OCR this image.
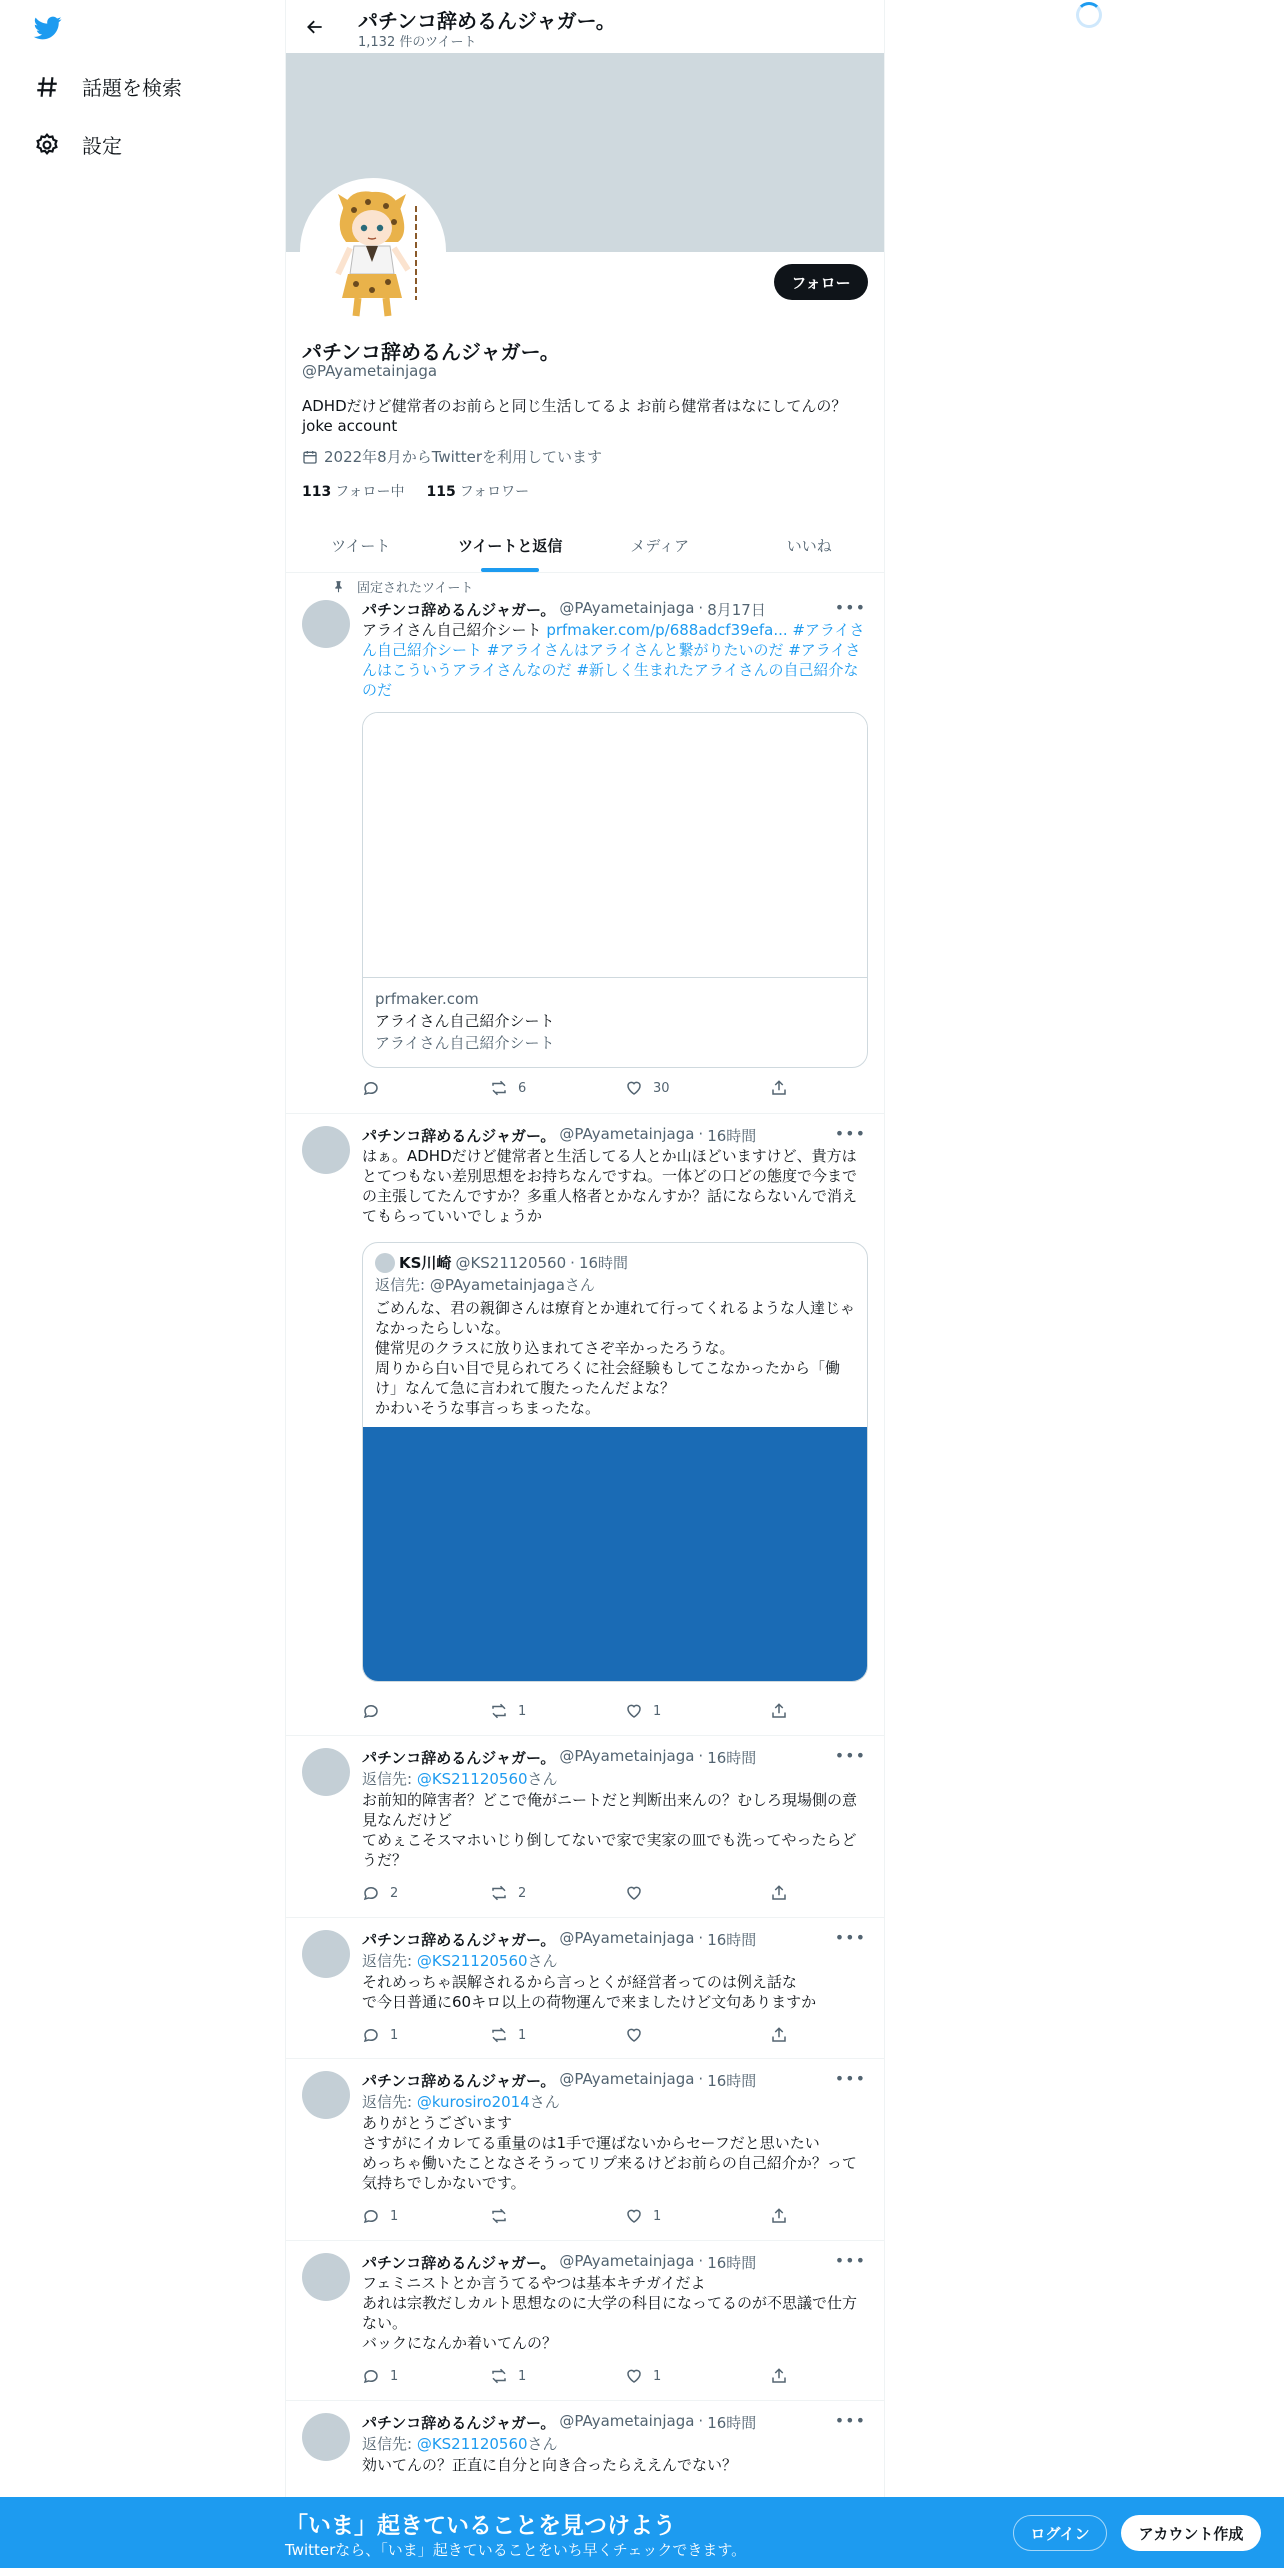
話題を検索
設定
パチンコ辞めるんジャガー。
1,132 件のツイート
フォロー
パチンコ辞めるんジャガー。
@PAyametainjaga
ADHDだけど健常者のお前らと同じ生活してるよ お前ら健常者はなにしてんの？
joke account
2022年8月からTwitterを利用しています
113 フォロー中 115 フォロワー
ツイート	ツイートと返信	メディア	いいね
固定されたツイート
パチンコ辞めるんジャガー。 @PAyametainjaga · 8月17日	•••
アライさん自己紹介シート prfmaker.com/p/688adcf39efa... #アライさん自己紹介シート #アライさんはアライさんと繋がりたいのだ #アライさんはこういうアライさんなのだ #新しく生まれたアライさんの自己紹介なのだ
prfmaker.com
アライさん自己紹介シート
アライさん自己紹介シート
6	30
パチンコ辞めるんジャガー。 @PAyametainjaga · 16時間	•••
はぁ。ADHDだけど健常者と生活してる人とか山ほどいますけど、貴方はとてつもない差別思想をお持ちなんですね。一体どの口どの態度で今までの主張してたんですか？多重人格者とかなんすか？話にならないんで消えてもらっていいでしょうか
KS川崎 @KS21120560 · 16時間
返信先: @PAyametainjagaさん
ごめんな、君の親御さんは療育とか連れて行ってくれるような人達じゃなかったらしいな。
健常児のクラスに放り込まれてさぞ辛かったろうな。
周りから白い目で見られてろくに社会経験もしてこなかったから「働け」なんて急に言われて腹たったんだよな？
かわいそうな事言っちまったな。
1	1
パチンコ辞めるんジャガー。 @PAyametainjaga · 16時間	•••
返信先: @KS21120560さん
お前知的障害者？どこで俺がニートだと判断出来んの？むしろ現場側の意見なんだけど
てめぇこそスマホいじり倒してないで家で実家の皿でも洗ってやったらどうだ？
2	2
パチンコ辞めるんジャガー。 @PAyametainjaga · 16時間	•••
返信先: @KS21120560さん
それめっちゃ誤解されるから言っとくが経営者ってのは例え話な
で今日普通に60キロ以上の荷物運んで来ましたけど文句ありますか
1	1
パチンコ辞めるんジャガー。 @PAyametainjaga · 16時間	•••
返信先: @kurosiro2014さん
ありがとうございます
さすがにイカレてる重量のは1手で運ばないからセーフだと思いたい
めっちゃ働いたことなさそうってリプ来るけどお前らの自己紹介か？って気持ちでしかないです。
1	1
パチンコ辞めるんジャガー。 @PAyametainjaga · 16時間	•••
フェミニストとか言うてるやつは基本キチガイだよ
あれは宗教だしカルト思想なのに大学の科目になってるのが不思議で仕方ない。
バックになんか着いてんの？
1	1	1
パチンコ辞めるんジャガー。 @PAyametainjaga · 16時間	•••
返信先: @KS21120560さん
効いてんの？正直に自分と向き合ったらええんでない？
「いま」起きていることを見つけよう
Twitterなら、「いま」起きていることをいち早くチェックできます。
ログイン	アカウント作成
